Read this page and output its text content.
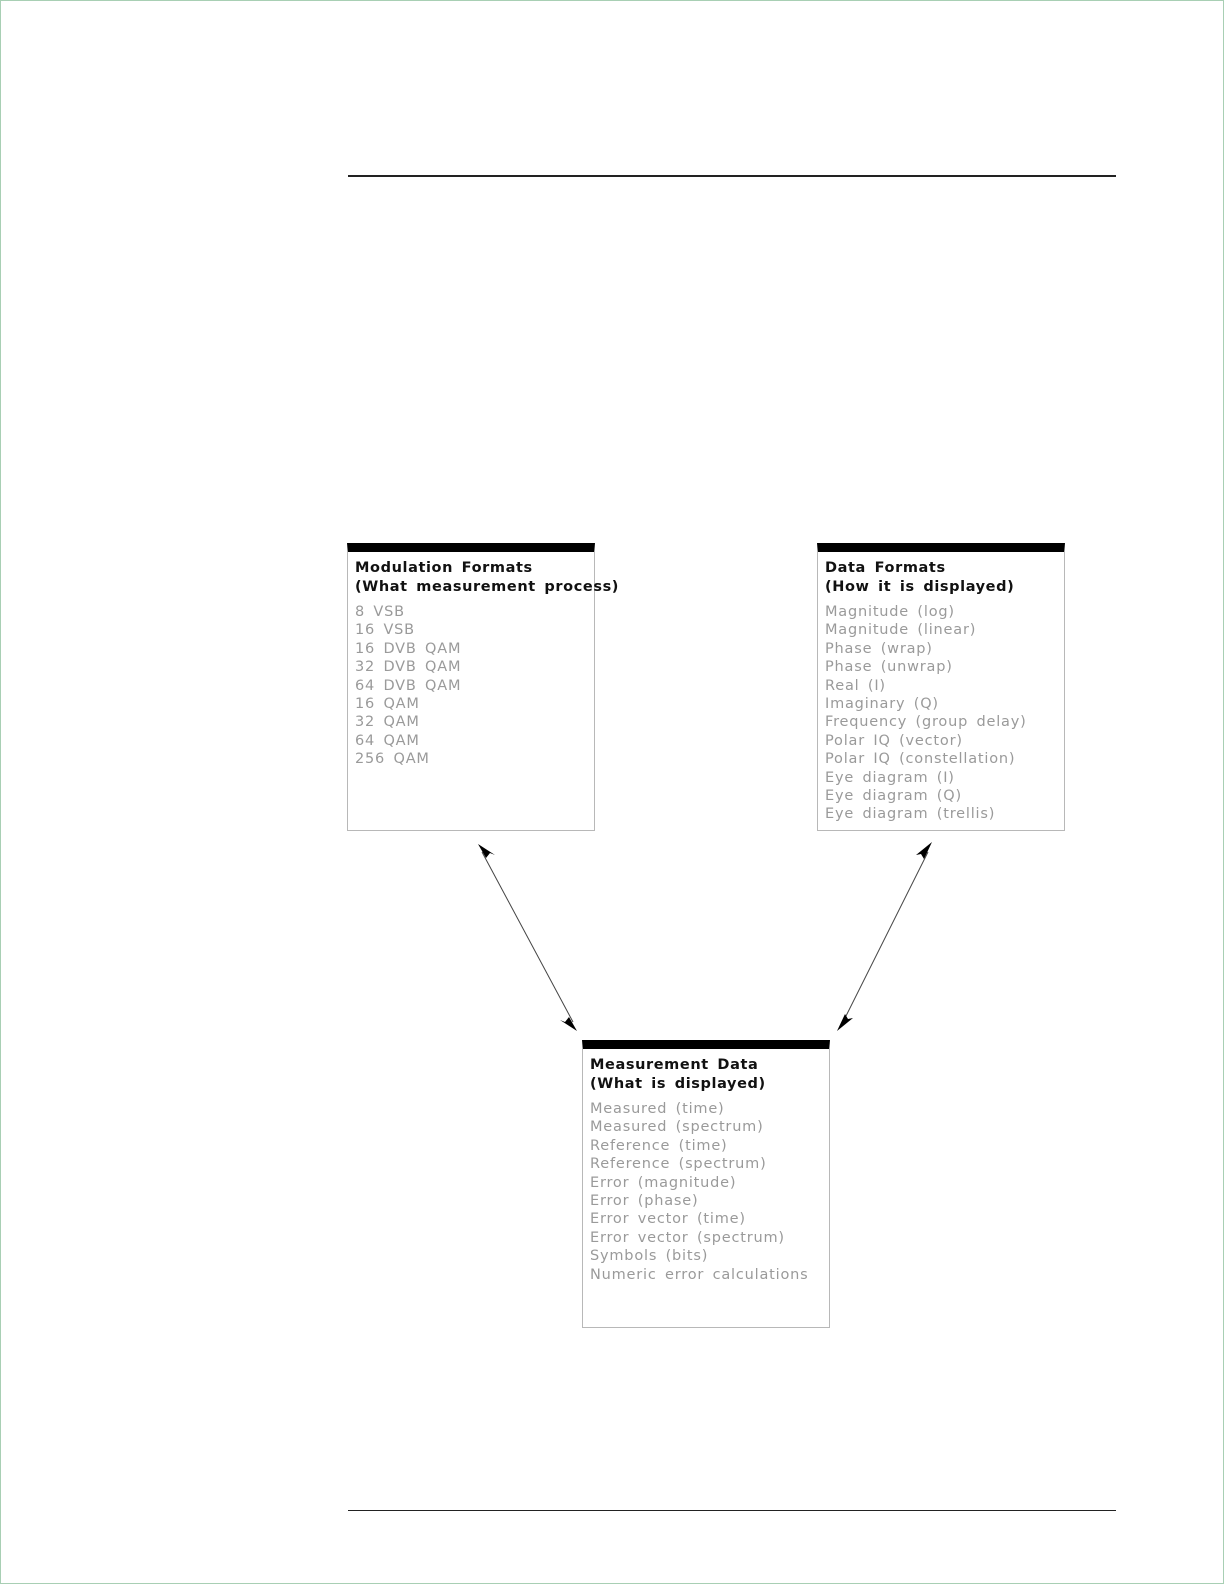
Modulation Formats
(What measurement process)
8 VSB
16 VSB
16 DVB QAM
32 DVB QAM
64 DVB QAM
16 QAM
32 QAM
64 QAM
256 QAM
Data Formats
(How it is displayed)
Magnitude (log)
Magnitude (linear)
Phase (wrap)
Phase (unwrap)
Real (I)
Imaginary (Q)
Frequency (group delay)
Polar IQ (vector)
Polar IQ (constellation)
Eye diagram (I)
Eye diagram (Q)
Eye diagram (trellis)
Measurement Data
(What is displayed)
Measured (time)
Measured (spectrum)
Reference (time)
Reference (spectrum)
Error (magnitude)
Error (phase)
Error vector (time)
Error vector (spectrum)
Symbols (bits)
Numeric error calculations
